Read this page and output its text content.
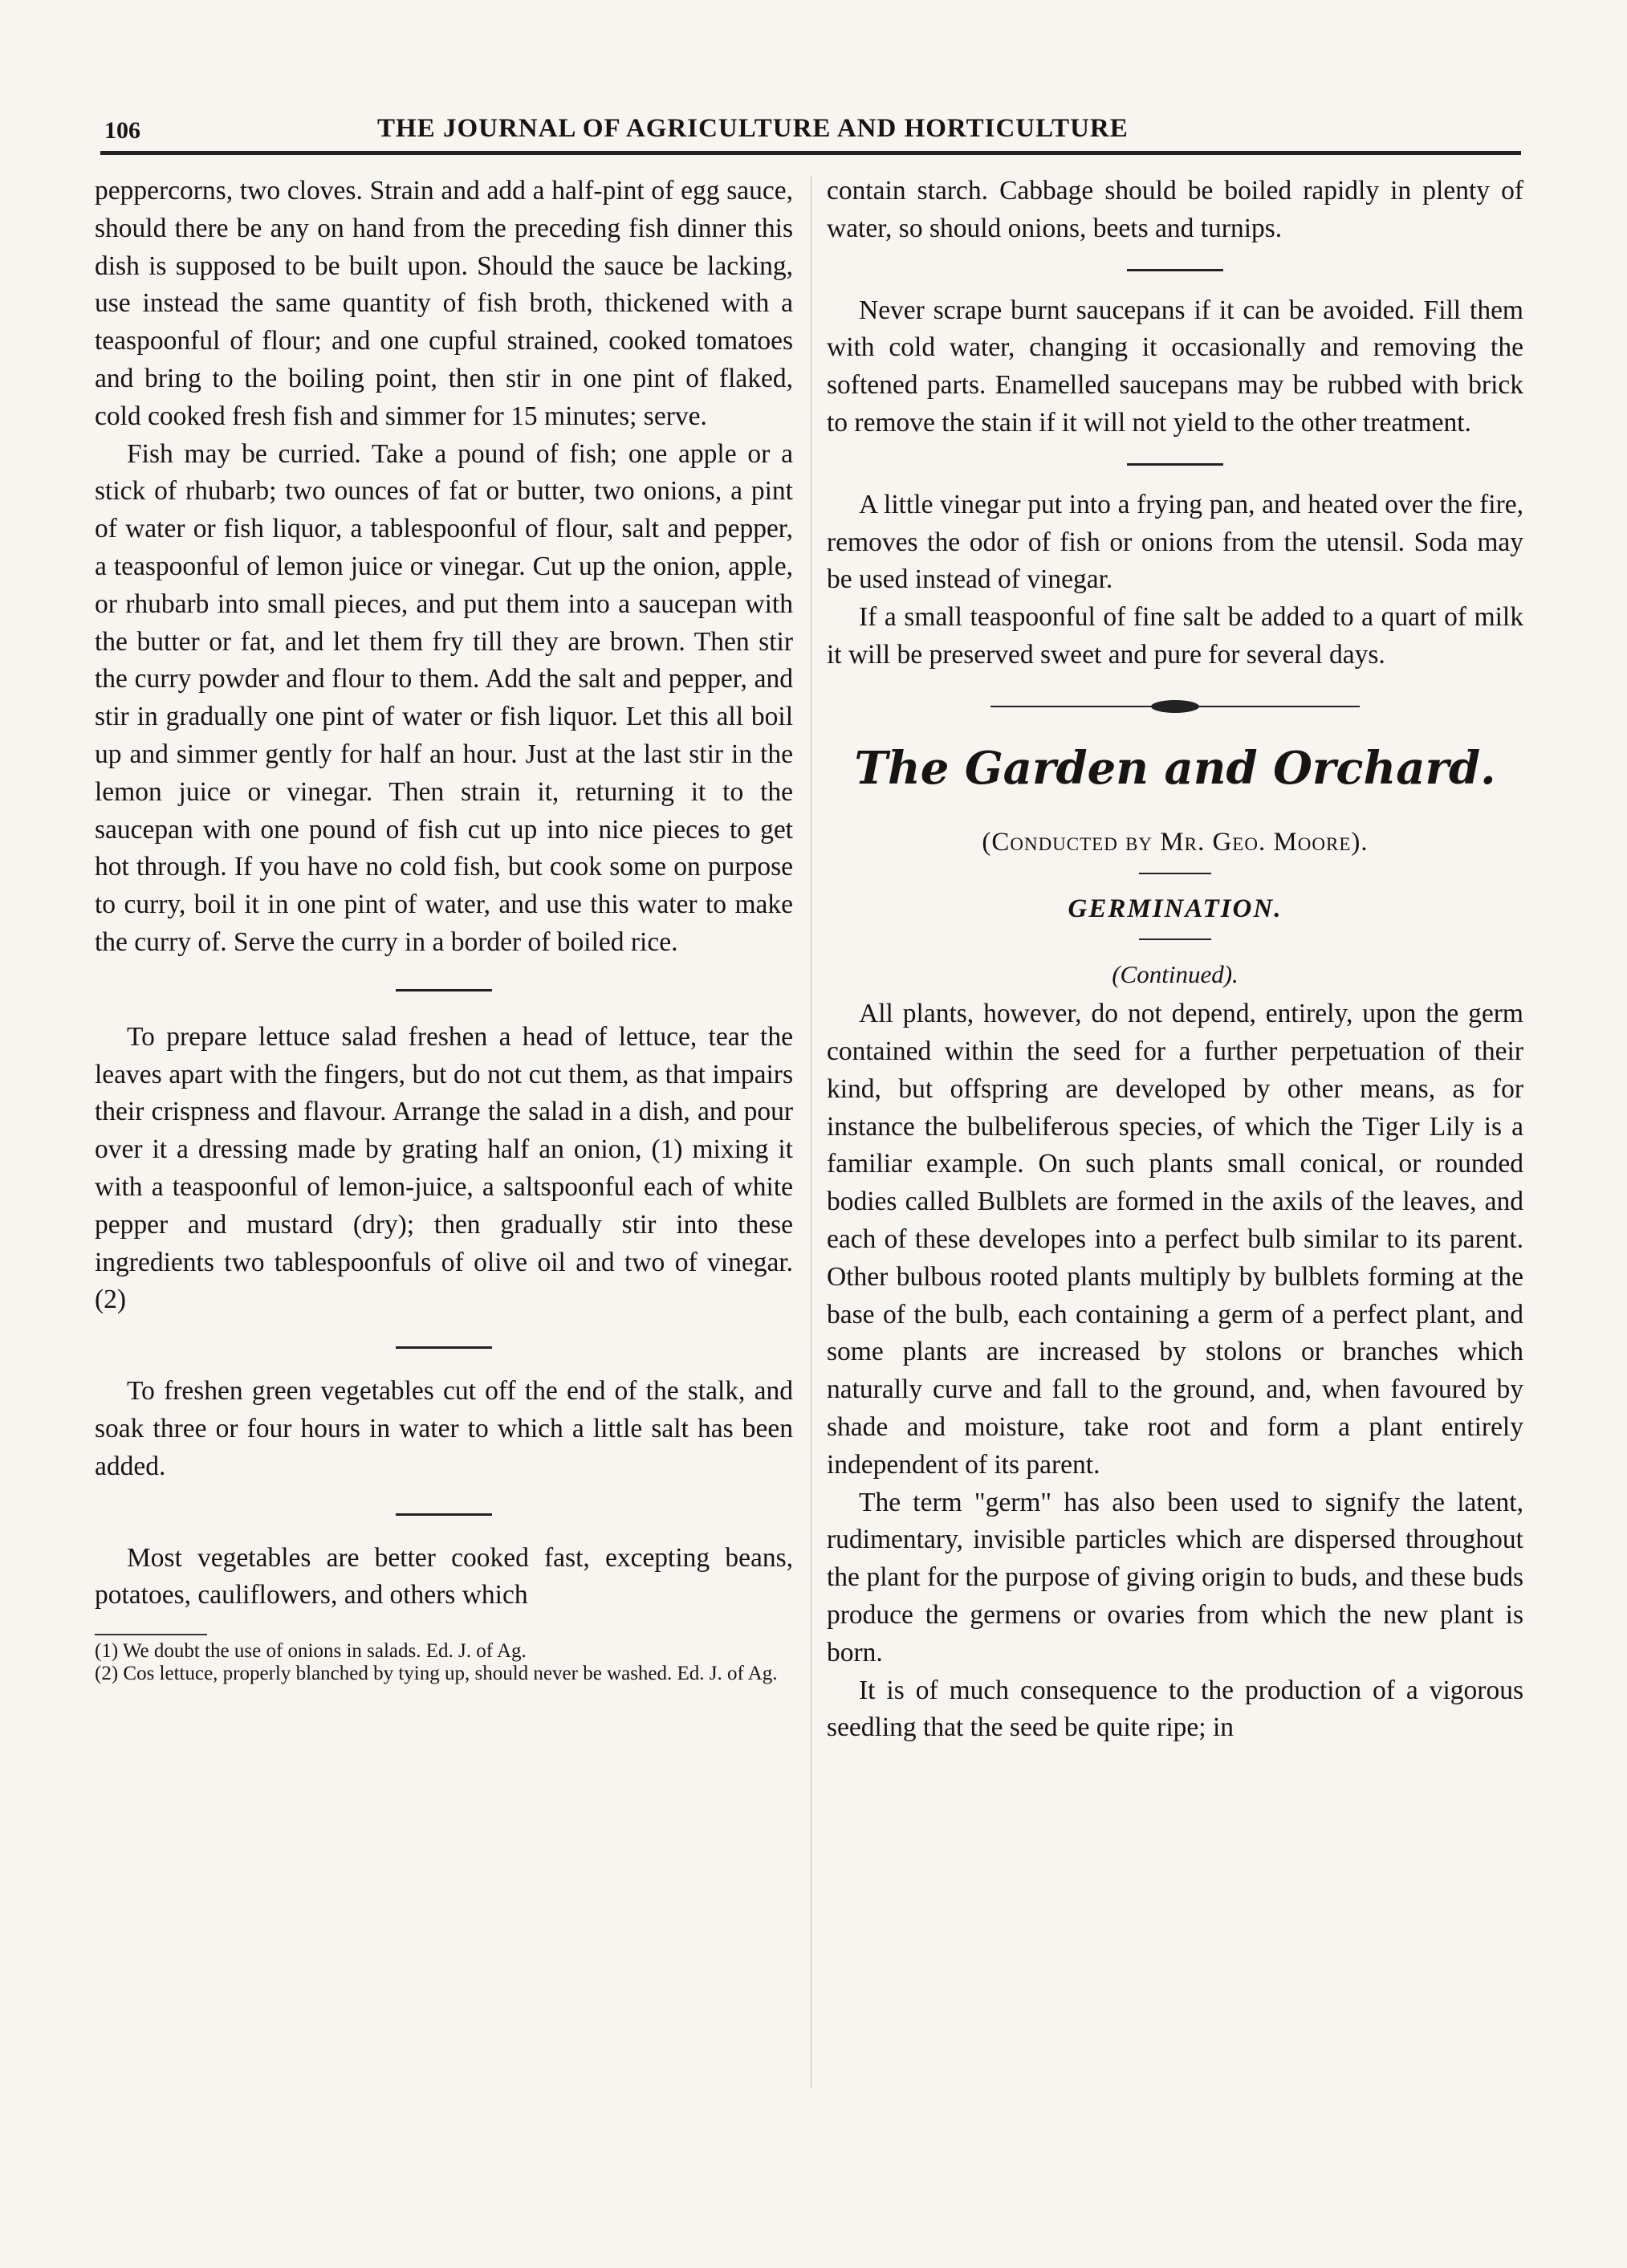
106	THE JOURNAL OF AGRICULTURE AND HORTICULTURE

peppercorns, two cloves. Strain and add a half-pint of egg sauce, should there be any on hand from the preceding fish dinner this dish is supposed to be built upon. Should the sauce be lacking, use instead the same quantity of fish broth, thickened with a teaspoonful of flour; and one cupful strained, cooked tomatoes and bring to the boiling point, then stir in one pint of flaked, cold cooked fresh fish and simmer for 15 minutes; serve.

Fish may be curried. Take a pound of fish; one apple or a stick of rhubarb; two ounces of fat or butter, two onions, a pint of water or fish liquor, a tablespoonful of flour, salt and pepper, a teaspoonful of lemon juice or vinegar. Cut up the onion, apple, or rhubarb into small pieces, and put them into a saucepan with the butter or fat, and let them fry till they are brown. Then stir the curry powder and flour to them. Add the salt and pepper, and stir in gradually one pint of water or fish liquor. Let this all boil up and simmer gently for half an hour. Just at the last stir in the lemon juice or vinegar. Then strain it, returning it to the saucepan with one pound of fish cut up into nice pieces to get hot through. If you have no cold fish, but cook some on purpose to curry, boil it in one pint of water, and use this water to make the curry of. Serve the curry in a border of boiled rice.

To prepare lettuce salad freshen a head of lettuce, tear the leaves apart with the fingers, but do not cut them, as that impairs their crispness and flavour. Arrange the salad in a dish, and pour over it a dressing made by grating half an onion, (1) mixing it with a teaspoonful of lemon-juice, a saltspoonful each of white pepper and mustard (dry); then gradually stir into these ingredients two tablespoonfuls of olive oil and two of vinegar. (2)

To freshen green vegetables cut off the end of the stalk, and soak three or four hours in water to which a little salt has been added.

Most vegetables are better cooked fast, excepting beans, potatoes, cauliflowers, and others which

(1) We doubt the use of onions in salads. Ed. J. of Ag.

(2) Cos lettuce, properly blanched by tying up, should never be washed. Ed. J. of Ag.

contain starch. Cabbage should be boiled rapidly in plenty of water, so should onions, beets and turnips.

Never scrape burnt saucepans if it can be avoided. Fill them with cold water, changing it occasionally and removing the softened parts. Enamelled saucepans may be rubbed with brick to remove the stain if it will not yield to the other treatment.

A little vinegar put into a frying pan, and heated over the fire, removes the odor of fish or onions from the utensil. Soda may be used instead of vinegar.

If a small teaspoonful of fine salt be added to a quart of milk it will be preserved sweet and pure for several days.

The Garden and Orchard.
(Conducted by Mr. Geo. Moore).
GERMINATION.
(Continued).

All plants, however, do not depend, entirely, upon the germ contained within the seed for a further perpetuation of their kind, but offspring are developed by other means, as for instance the bulbeliferous species, of which the Tiger Lily is a familiar example. On such plants small conical, or rounded bodies called Bulblets are formed in the axils of the leaves, and each of these developes into a perfect bulb similar to its parent. Other bulbous rooted plants multiply by bulblets forming at the base of the bulb, each containing a germ of a perfect plant, and some plants are increased by stolons or branches which naturally curve and fall to the ground, and, when favoured by shade and moisture, take root and form a plant entirely independent of its parent.

The term "germ" has also been used to signify the latent, rudimentary, invisible particles which are dispersed throughout the plant for the purpose of giving origin to buds, and these buds produce the germens or ovaries from which the new plant is born.

It is of much consequence to the production of a vigorous seedling that the seed be quite ripe; in
